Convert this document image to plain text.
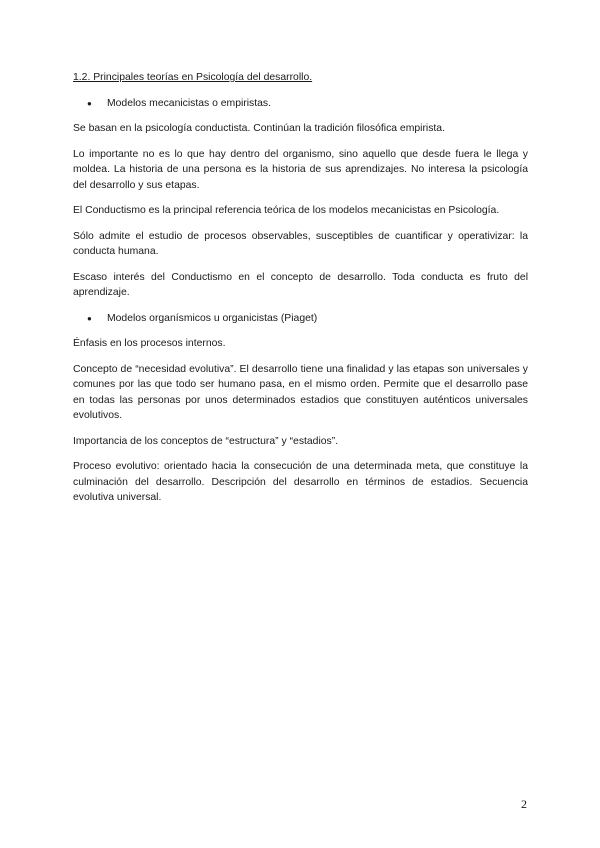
1.2. Principales teorías en Psicología del desarrollo.
● Modelos mecanicistas o empiristas.

Se basan en la psicología conductista. Continúan la tradición filosófica empirista.

Lo importante no es lo que hay dentro del organismo, sino aquello que desde fuera le llega y moldea. La historia de una persona es la historia de sus aprendizajes. No interesa la psicología del desarrollo y sus etapas.

El Conductismo es la principal referencia teórica de los modelos mecanicistas en Psicología.

Sólo admite el estudio de procesos observables, susceptibles de cuantificar y operativizar: la conducta humana.

Escaso interés del Conductismo en el concepto de desarrollo. Toda conducta es fruto del aprendizaje.

● Modelos organísmicos u organicistas (Piaget)

Énfasis en los procesos internos.

Concepto de “necesidad evolutiva”. El desarrollo tiene una finalidad y las etapas son universales y comunes por las que todo ser humano pasa, en el mismo orden. Permite que el desarrollo pase en todas las personas por unos determinados estadios que constituyen auténticos universales evolutivos.

Importancia de los conceptos de “estructura” y “estadios”.

Proceso evolutivo: orientado hacia la consecución de una determinada meta, que constituye la culminación del desarrollo. Descripción del desarrollo en términos de estadios. Secuencia evolutiva universal.

2
